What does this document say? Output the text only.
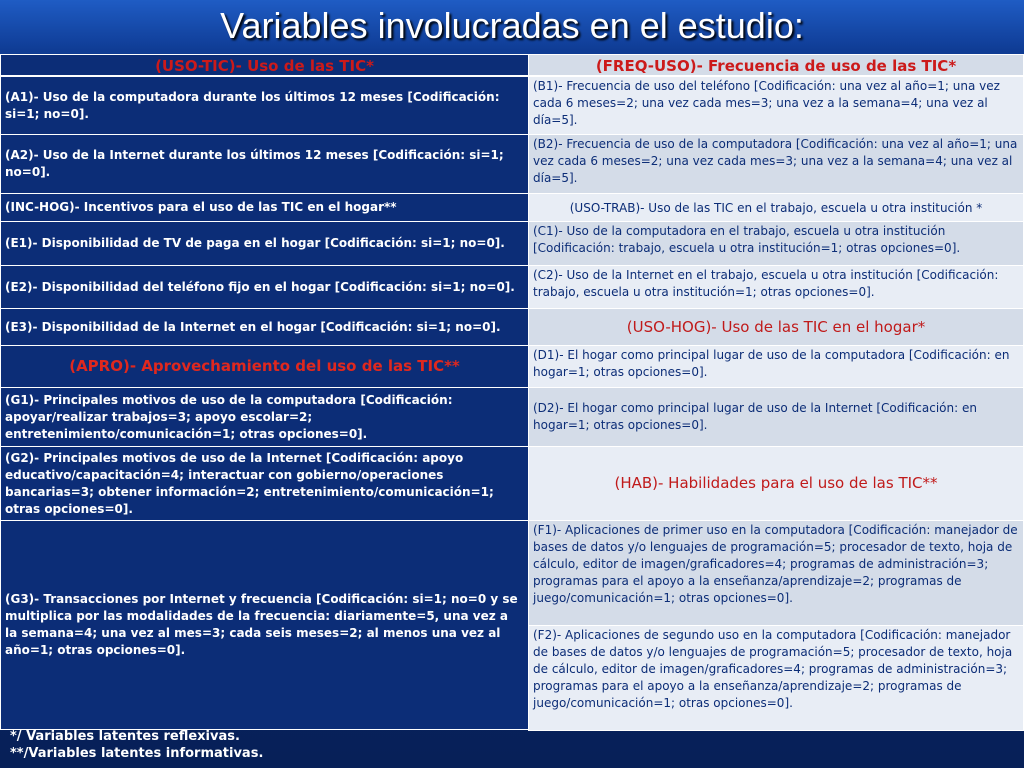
Variables involucradas en el estudio:
(USO-TIC)- Uso de las TIC*	(FREQ-USO)- Frecuencia de uso de las TIC*
(A1)- Uso de la computadora durante los últimos 12 meses [Codificación: si=1; no=0].
(A2)- Uso de la Internet durante los últimos 12 meses [Codificación: si=1; no=0].
(INC-HOG)- Incentivos para el uso de las TIC en el hogar**
(E1)- Disponibilidad de TV de paga en el hogar [Codificación: si=1; no=0].
(E2)- Disponibilidad del teléfono fijo en el hogar [Codificación: si=1; no=0].
(E3)- Disponibilidad de la Internet en el hogar [Codificación: si=1; no=0].
(APRO)- Aprovechamiento del uso de las TIC**
(G1)- Principales motivos de uso de la computadora [Codificación: apoyar/realizar trabajos=3; apoyo escolar=2; entretenimiento/comunicación=1; otras opciones=0].
(G2)- Principales motivos de uso de la Internet [Codificación: apoyo educativo/capacitación=4; interactuar con gobierno/operaciones bancarias=3; obtener información=2; entretenimiento/comunicación=1; otras opciones=0].
(G3)- Transacciones por Internet y frecuencia [Codificación: si=1; no=0 y se multiplica por las modalidades de la frecuencia: diariamente=5, una vez a la semana=4; una vez al mes=3; cada seis meses=2; al menos una vez al año=1; otras opciones=0].
(B1)- Frecuencia de uso del teléfono [Codificación: una vez al año=1; una vez cada 6 meses=2; una vez cada mes=3; una vez a la semana=4; una vez al día=5].
(B2)- Frecuencia de uso de la computadora [Codificación: una vez al año=1; una vez cada 6 meses=2; una vez cada mes=3; una vez a la semana=4; una vez al día=5].
(USO-TRAB)- Uso de las TIC en el trabajo, escuela u otra institución *
(C1)- Uso de la computadora en el trabajo, escuela u otra institución [Codificación: trabajo, escuela u otra institución=1; otras opciones=0].
(C2)- Uso de la Internet en el trabajo, escuela u otra institución [Codificación: trabajo, escuela u otra institución=1; otras opciones=0].
(USO-HOG)- Uso de las TIC en el hogar*
(D1)- El hogar como principal lugar de uso de la computadora [Codificación: en hogar=1; otras opciones=0].
(D2)- El hogar como principal lugar de uso de la Internet [Codificación: en hogar=1; otras opciones=0].
(HAB)- Habilidades para el uso de las TIC**
(F1)- Aplicaciones de primer uso en la computadora [Codificación: manejador de bases de datos y/o lenguajes de programación=5; procesador de texto, hoja de cálculo, editor de imagen/graficadores=4; programas de administración=3; programas para el apoyo a la enseñanza/aprendizaje=2; programas de juego/comunicación=1; otras opciones=0].
(F2)- Aplicaciones de segundo uso en la computadora [Codificación: manejador de bases de datos y/o lenguajes de programación=5; procesador de texto, hoja de cálculo, editor de imagen/graficadores=4; programas de administración=3; programas para el apoyo a la enseñanza/aprendizaje=2; programas de juego/comunicación=1; otras opciones=0].
*/ Variables latentes reflexivas.
**/Variables latentes informativas.
